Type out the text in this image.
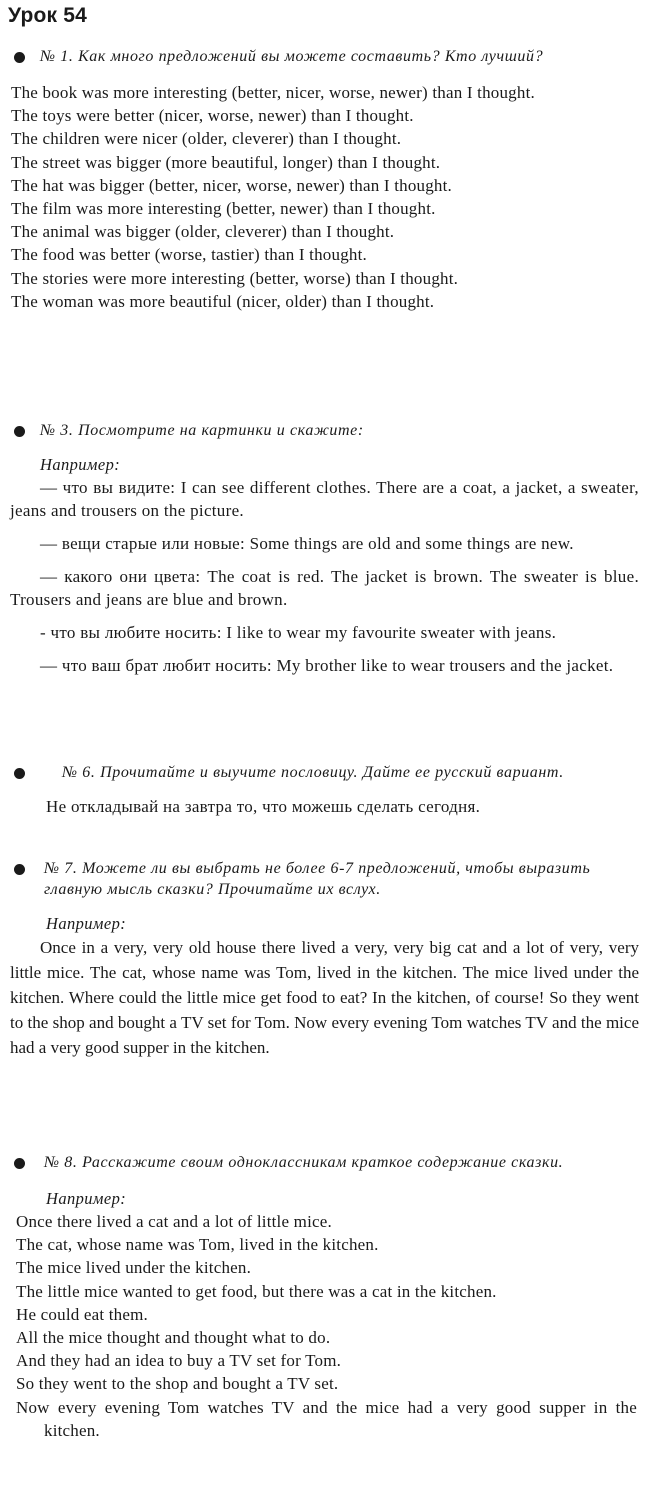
Урок 54
№ 1. Как много предложений вы можете составить? Кто лучший?
The book was more interesting (better, nicer, worse, newer) than I thought.
The toys were better (nicer, worse, newer) than I thought.
The children were nicer (older, cleverer) than I thought.
The street was bigger (more beautiful, longer) than I thought.
The hat was bigger (better, nicer, worse, newer) than I thought.
The film was more interesting (better, newer) than I thought.
The animal was bigger (older, cleverer) than I thought.
The food was better (worse, tastier) than I thought.
The stories were more interesting (better, worse) than I thought.
The woman was more beautiful (nicer, older) than I thought.
№ 3. Посмотрите на картинки и скажите:
Например:
— что вы видите: I can see different clothes. There are a coat, a jacket, a sweater, jeans and trousers on the picture.
— вещи старые или новые: Some things are old and some things are new.
— какого они цвета: The coat is red. The jacket is brown. The sweater is blue. Trousers and jeans are blue and brown.
- что вы любите носить: I like to wear my favourite sweater with jeans.
— что ваш брат любит носить: My brother like to wear trousers and the jacket.
№ 6. Прочитайте и выучите пословицу. Дайте ее русский вариант.
Не откладывай на завтра то, что можешь сделать сегодня.
№ 7. Можете ли вы выбрать не более 6-7 предложений, чтобы выразить главную мысль сказки? Прочитайте их вслух.
Например:
Once in a very, very old house there lived a very, very big cat and a lot of very, very little mice. The cat, whose name was Tom, lived in the kitchen. The mice lived under the kitchen. Where could the little mice get food to eat? In the kitchen, of course! So they went to the shop and bought a TV set for Tom. Now every evening Tom watches TV and the mice had a very good supper in the kitchen.
№ 8. Расскажите своим одноклассникам краткое содержание сказки.
Например:
Once there lived a cat and a lot of little mice.
The cat, whose name was Tom, lived in the kitchen.
The mice lived under the kitchen.
The little mice wanted to get food, but there was a cat in the kitchen.
He could eat them.
All the mice thought and thought what to do.
And they had an idea to buy a TV set for Tom.
So they went to the shop and bought a TV set.
Now every evening Tom watches TV and the mice had a very good supper in the kitchen.
